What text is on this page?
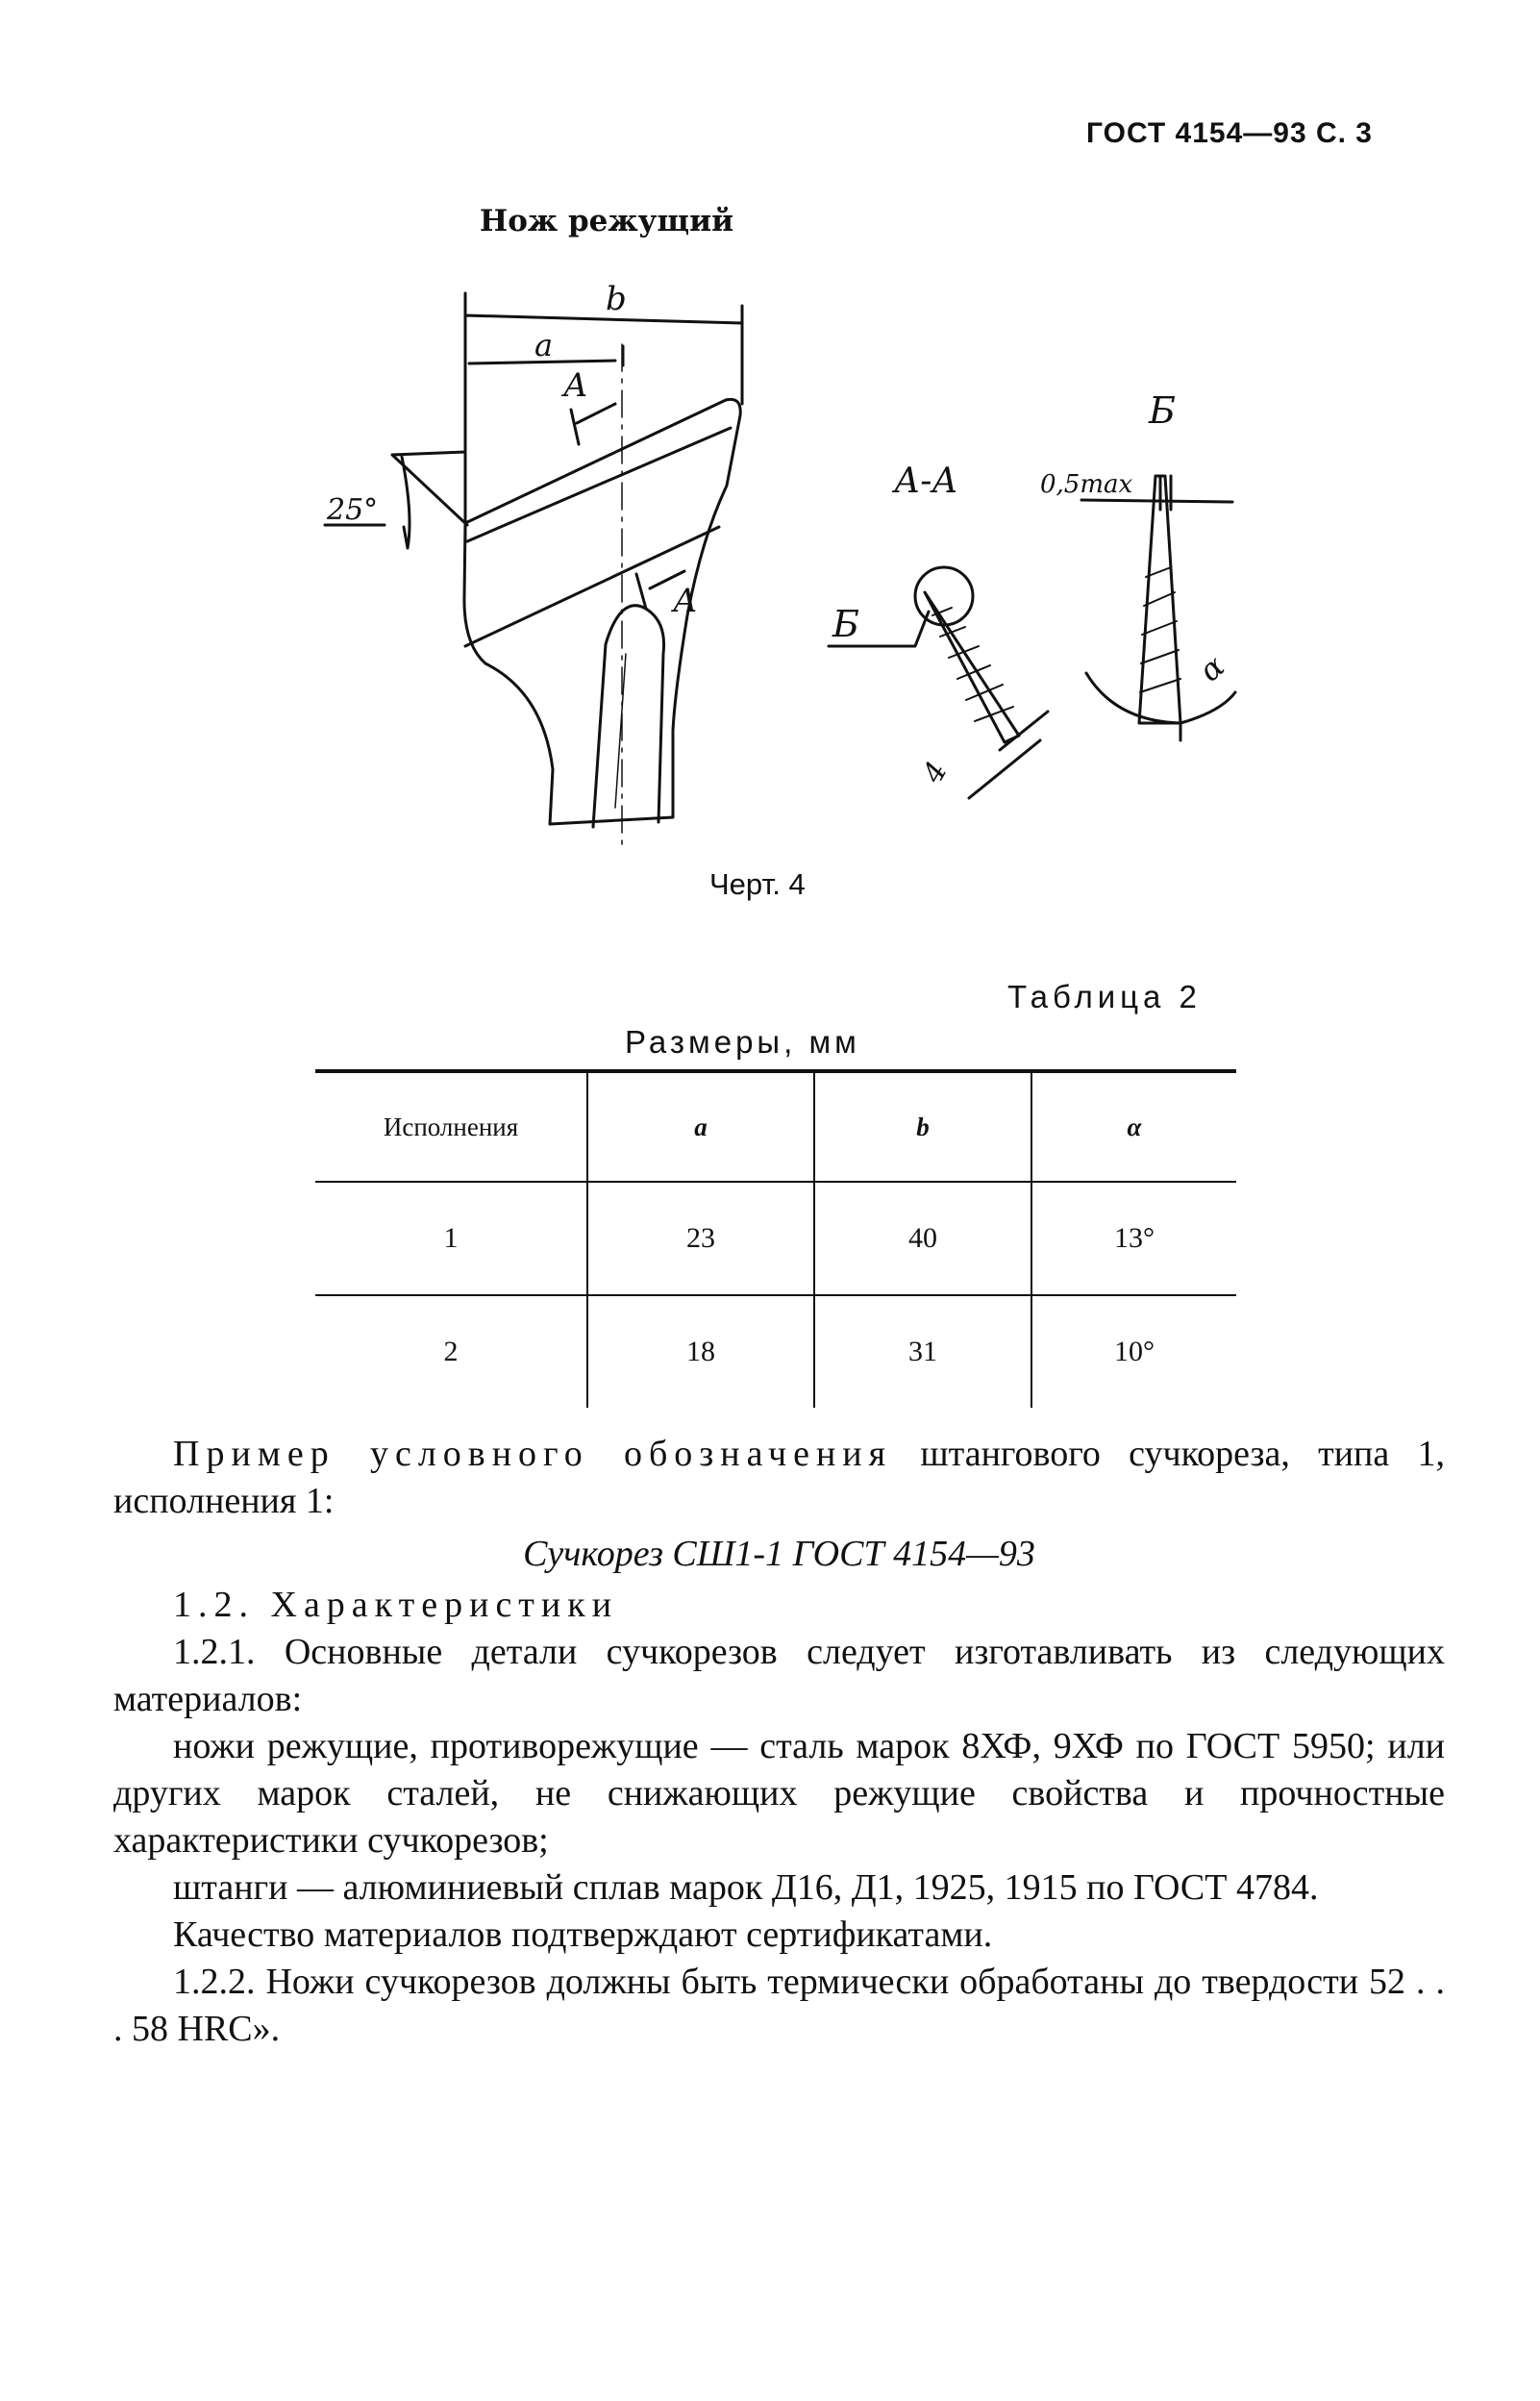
ГОСТ 4154—93 С. 3
Нож режущий
b
a
А
А
25°
А-А
Б
Б
0,5max
4
α
Черт. 4
Таблица 2
Размеры, мм
Исполнения	a	b	α
1	23	40	13°
2	18	31	10°

Пример условного обозначения штангового сучкореза, типа 1, исполнения 1:

Сучкорез СШ1-1 ГОСТ 4154—93

1.2. Характеристики

1.2.1. Основные детали сучкорезов следует изготавливать из следующих материалов:

ножи режущие, противорежущие — сталь марок 8ХФ, 9ХФ по ГОСТ 5950; или других марок сталей, не снижающих режущие свойства и прочностные характеристики сучкорезов;

штанги — алюминиевый сплав марок Д16, Д1, 1925, 1915 по ГОСТ 4784.

Качество материалов подтверждают сертификатами.

1.2.2. Ножи сучкорезов должны быть термически обработаны до твердости 52 . . . 58 HRC».
